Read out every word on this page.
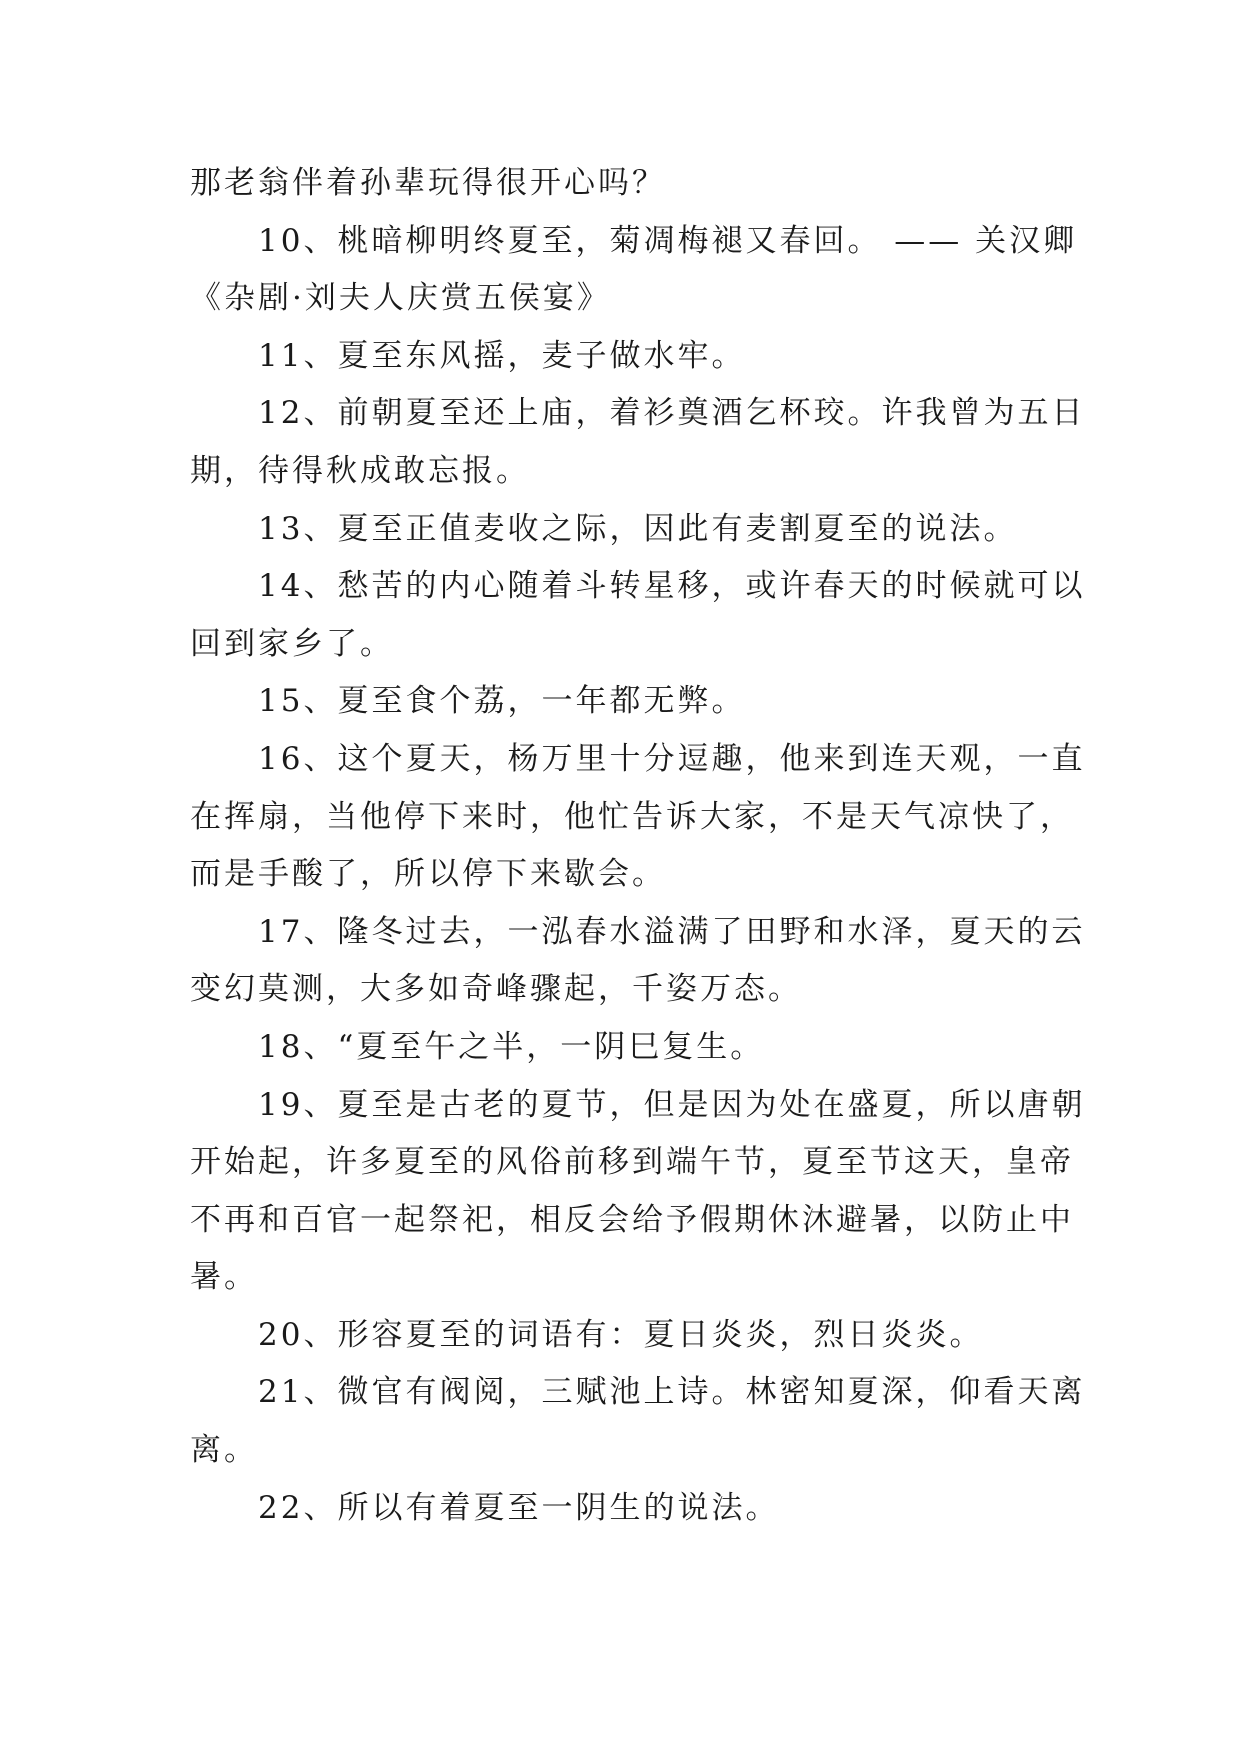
那老翁伴着孙辈玩得很开心吗？

10、桃暗柳明终夏至，菊凋梅褪又春回。 —— 关汉卿

《杂剧·刘夫人庆赏五侯宴》

11、夏至东风摇，麦子做水牢。

12、前朝夏至还上庙，着衫奠酒乞杯珓。许我曾为五日

期，待得秋成敢忘报。

13、夏至正值麦收之际，因此有麦割夏至的说法。

14、愁苦的内心随着斗转星移，或许春天的时候就可以

回到家乡了。

15、夏至食个荔，一年都无弊。

16、这个夏天，杨万里十分逗趣，他来到连天观，一直

在挥扇，当他停下来时，他忙告诉大家，不是天气凉快了，

而是手酸了，所以停下来歇会。

17、隆冬过去，一泓春水溢满了田野和水泽，夏天的云

变幻莫测，大多如奇峰骤起，千姿万态。

18、“夏至午之半，一阴巳复生。

19、夏至是古老的夏节，但是因为处在盛夏，所以唐朝

开始起，许多夏至的风俗前移到端午节，夏至节这天，皇帝

不再和百官一起祭祀，相反会给予假期休沐避暑，以防止中

暑。

20、形容夏至的词语有：夏日炎炎，烈日炎炎。

21、微官有阀阅，三赋池上诗。林密知夏深，仰看天离

离。

22、所以有着夏至一阴生的说法。
